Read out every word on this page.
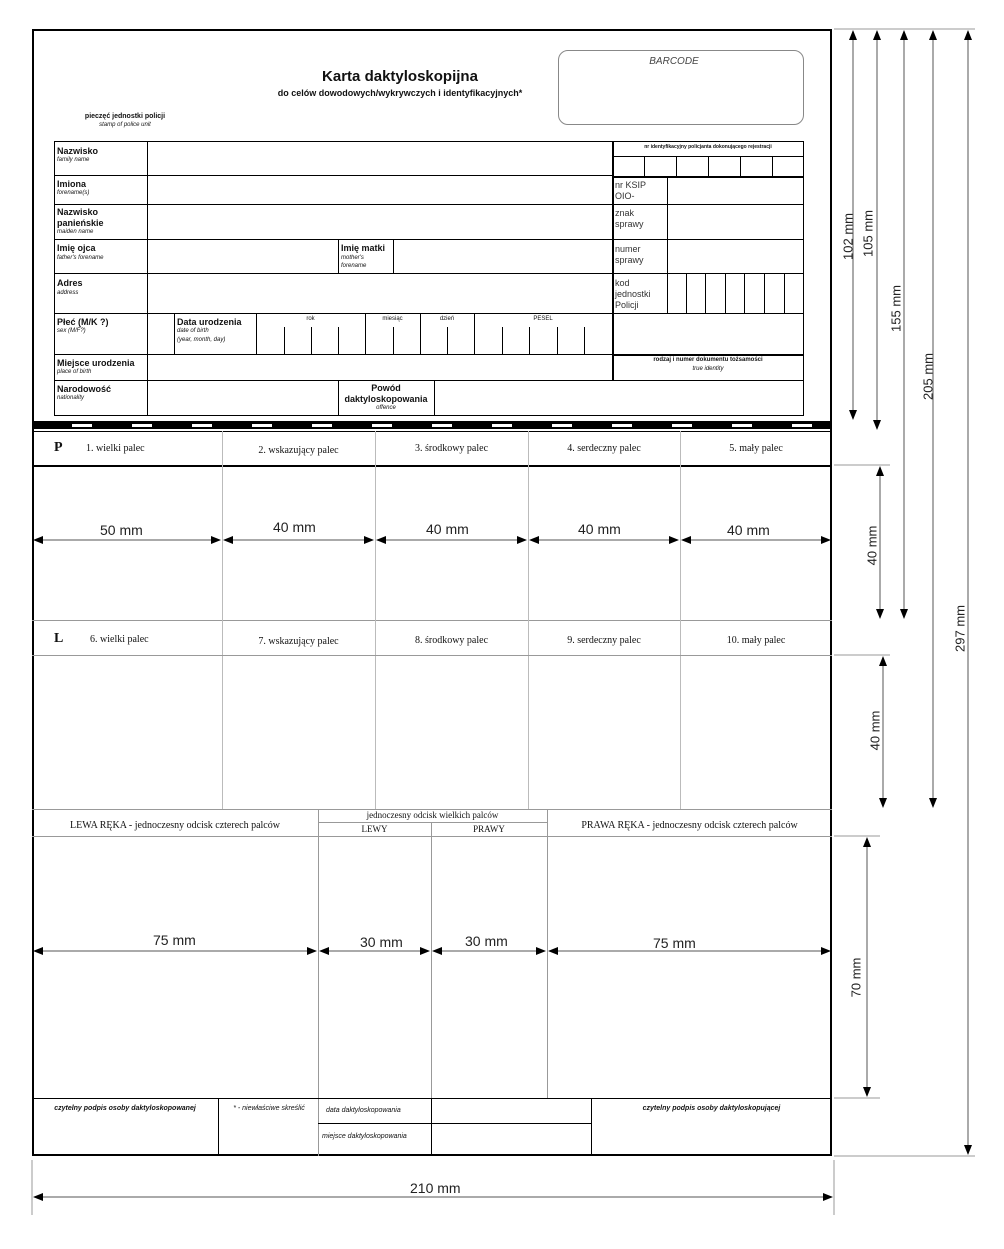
Karta daktyloskopijna
do celów dowodowych/wykrywczych i identyfikacyjnych*
BARCODE
pieczęć jednostki policji
stamp of police unit
Nazwisko
family name
Imiona
forename(s)
Nazwisko
panieńskie
maiden name
Imię ojca
father's forename
Imię matki
mother's
forename
Adres
address
Płeć (M/K ?)
sex (M/F?)
Data urodzenia
date of birth
(year, month, day)
rok	miesiąc	dzień	PESEL
Miejsce urodzenia
place of birth
Narodowość
nationality
Powód
daktyloskopowania
offence
nr identyfikacyjny policjanta dokonującego rejestracji
nr KSIP
OIO-
znak
sprawy
numer
sprawy
kod
jednostki
Policji
rodzaj i numer dokumentu tożsamości
true identity
P 1. wielki palec	2. wskazujący palec	3. środkowy palec	4. serdeczny palec	5. mały palec
L	6. wielki palec	7. wskazujący palec	8. środkowy palec	9. serdeczny palec	10. mały palec
LEWA RĘKA - jednoczesny odcisk czterech palców
jednoczesny odcisk wielkich palców
LEWY	PRAWY	PRAWA RĘKA - jednoczesny odcisk czterech palców
czytelny podpis osoby daktyloskopowanej	* - niewłaściwe skreślić	data daktyloskopowania
miejsce daktyloskopowania
czytelny podpis osoby daktyloskopującej
50 mm	40 mm	40 mm	40 mm	40 mm
75 mm	30 mm	30 mm	75 mm
210 mm
102 mm 105 mm
155 mm
205 mm
297 mm
40 mm
40 mm
70 mm
